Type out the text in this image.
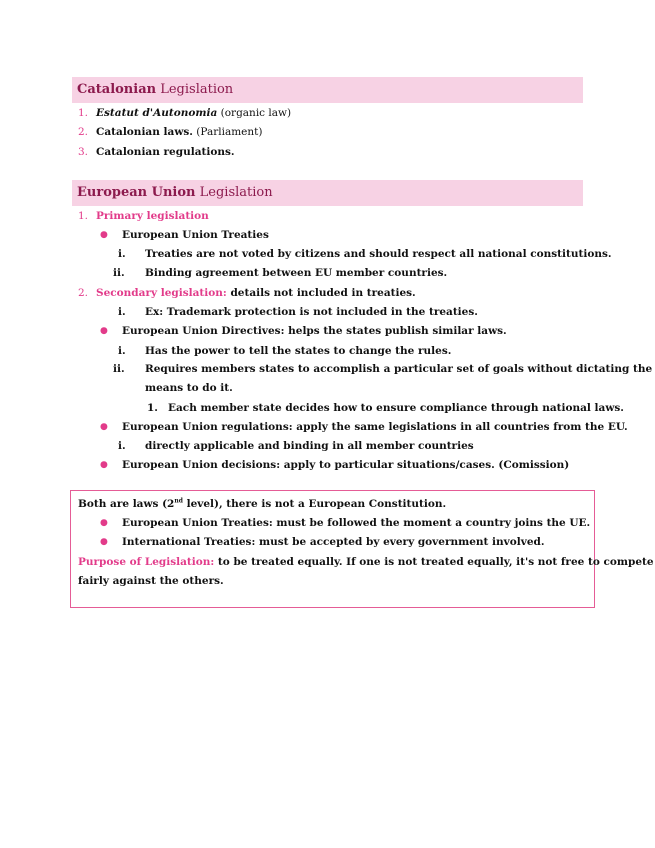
Catalonian Legislation
1. Estatut d'Autonomia (organic law)
2. Catalonian laws. (Parliament)
3. Catalonian regulations.
European Union Legislation
1. Primary legislation
● European Union Treaties
i. Treaties are not voted by citizens and should respect all national constitutions.
ii. Binding agreement between EU member countries.
2. Secondary legislation: details not included in treaties.
i. Ex: Trademark protection is not included in the treaties.
● European Union Directives: helps the states publish similar laws.
i. Has the power to tell the states to change the rules.
ii. Requires members states to accomplish a particular set of goals without dictating the
means to do it.
1. Each member state decides how to ensure compliance through national laws.
● European Union regulations: apply the same legislations in all countries from the EU.
i. directly applicable and binding in all member countries
● European Union decisions: apply to particular situations/cases. (Comission)
Both are laws (2nd level), there is not a European Constitution.
● European Union Treaties: must be followed the moment a country joins the UE.
● International Treaties: must be accepted by every government involved.
Purpose of Legislation: to be treated equally. If one is not treated equally, it's not free to compete
fairly against the others.
